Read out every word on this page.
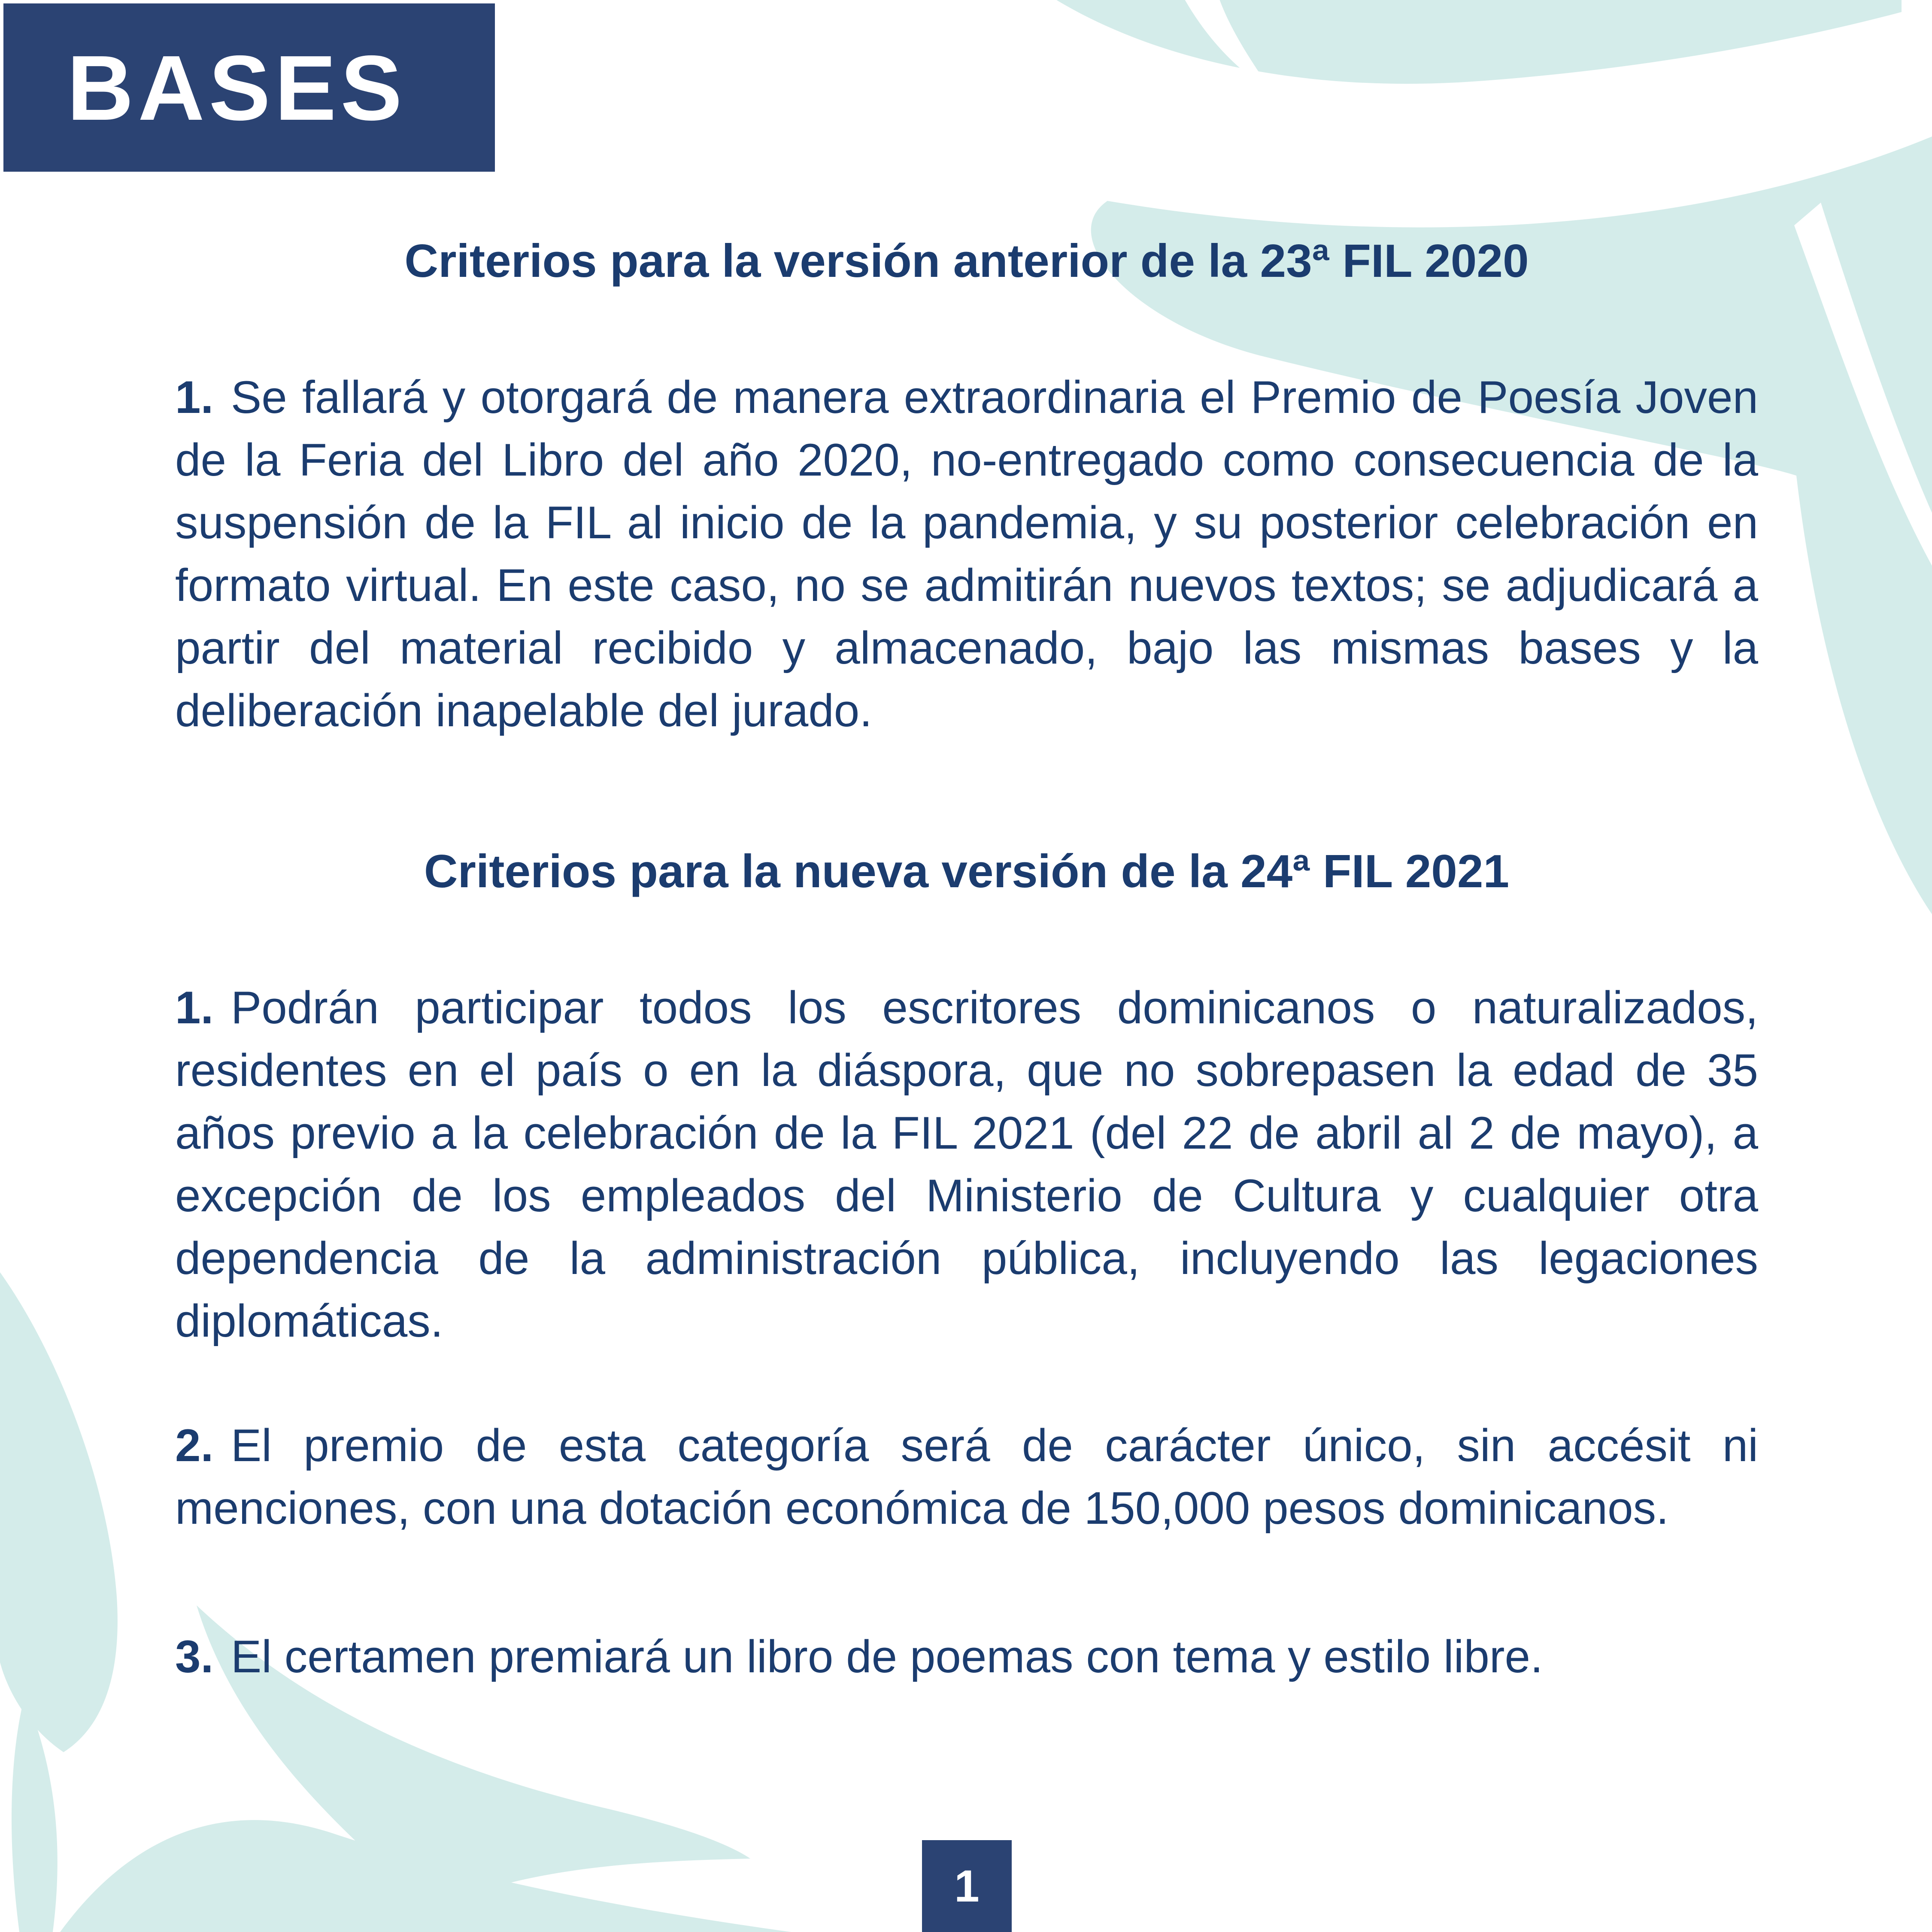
BASES
Criterios para la versión anterior de la 23ª FIL 2020

1. Se fallará y otorgará de manera extraordinaria el Premio de Poesía Joven de la Feria del Libro del año 2020, no-entregado como consecuencia de la suspensión de la FIL al inicio de la pandemia, y su posterior celebración en formato virtual. En este caso, no se admitirán nuevos textos; se adjudicará a partir del material recibido y almacenado, bajo las mismas bases y la deliberación inapelable del jurado.

Criterios para la nueva versión de la 24ª FIL 2021

1. Podrán participar todos los escritores dominicanos o naturalizados, residentes en el país o en la diáspora, que no sobrepasen la edad de 35 años previo a la celebración de la FIL 2021 (del 22 de abril al 2 de mayo), a excepción de los empleados del Ministerio de Cultura y cualquier otra dependencia de la administración pública, incluyendo las legaciones diplomáticas.

2. El premio de esta categoría será de carácter único, sin accésit ni menciones, con una dotación económica de 150,000 pesos dominicanos.

3. El certamen premiará un libro de poemas con tema y estilo libre.

1
